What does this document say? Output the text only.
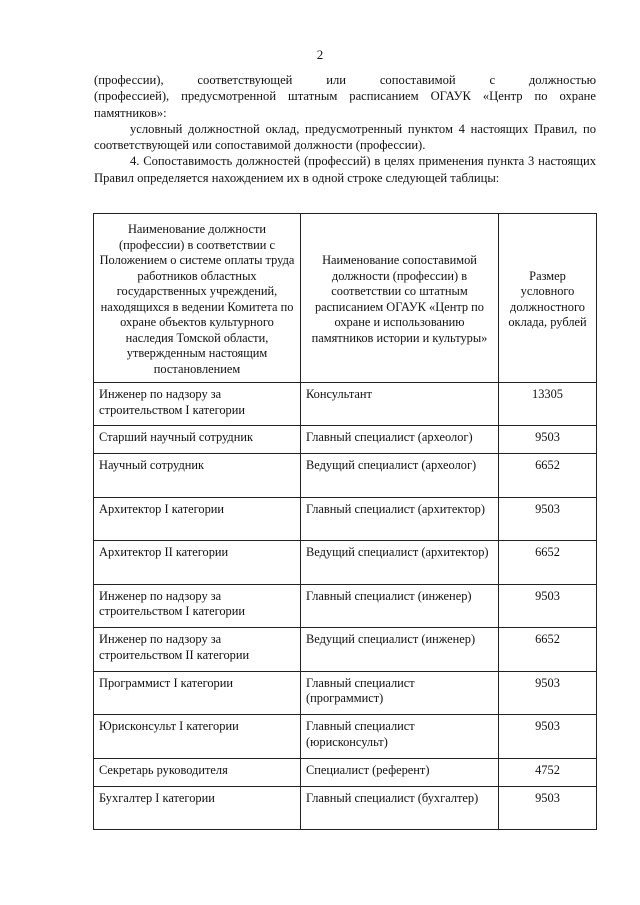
2

(профессии), соответствующей или сопоставимой с должностью

(профессией), предусмотренной штатным расписанием ОГАУК «Центр по охране памятников»:

условный должностной оклад, предусмотренный пунктом 4 настоящих Правил, по соответствующей или сопоставимой должности (профессии).

4. Сопоставимость должностей (профессий) в целях применения пункта 3 настоящих Правил определяется нахождением их в одной строке следующей таблицы:

Наименование должности (профессии) в соответствии с Положением о системе оплаты труда работников областных государственных учреждений, находящихся в ведении Комитета по охране объектов культурного наследия Томской области, утвержденным настоящим постановлением	Наименование сопоставимой должности (профессии) в соответствии со штатным расписанием ОГАУК «Центр по охране и использованию памятников истории и культуры»	Размер условного должностного оклада, рублей
Инженер по надзору за строительством I категории	Консультант	13305
Старший научный сотрудник	Главный специалист (археолог)	9503
Научный сотрудник	Ведущий специалист (археолог)	6652
Архитектор I категории	Главный специалист (архитектор)	9503
Архитектор II категории	Ведущий специалист (архитектор)	6652
Инженер по надзору за строительством I категории	Главный специалист (инженер)	9503
Инженер по надзору за строительством II категории	Ведущий специалист (инженер)	6652
Программист I категории	Главный специалист (программист)	9503
Юрисконсульт I категории	Главный специалист (юрисконсульт)	9503
Секретарь руководителя	Специалист (референт)	4752
Бухгалтер I категории	Главный специалист (бухгалтер)	9503
